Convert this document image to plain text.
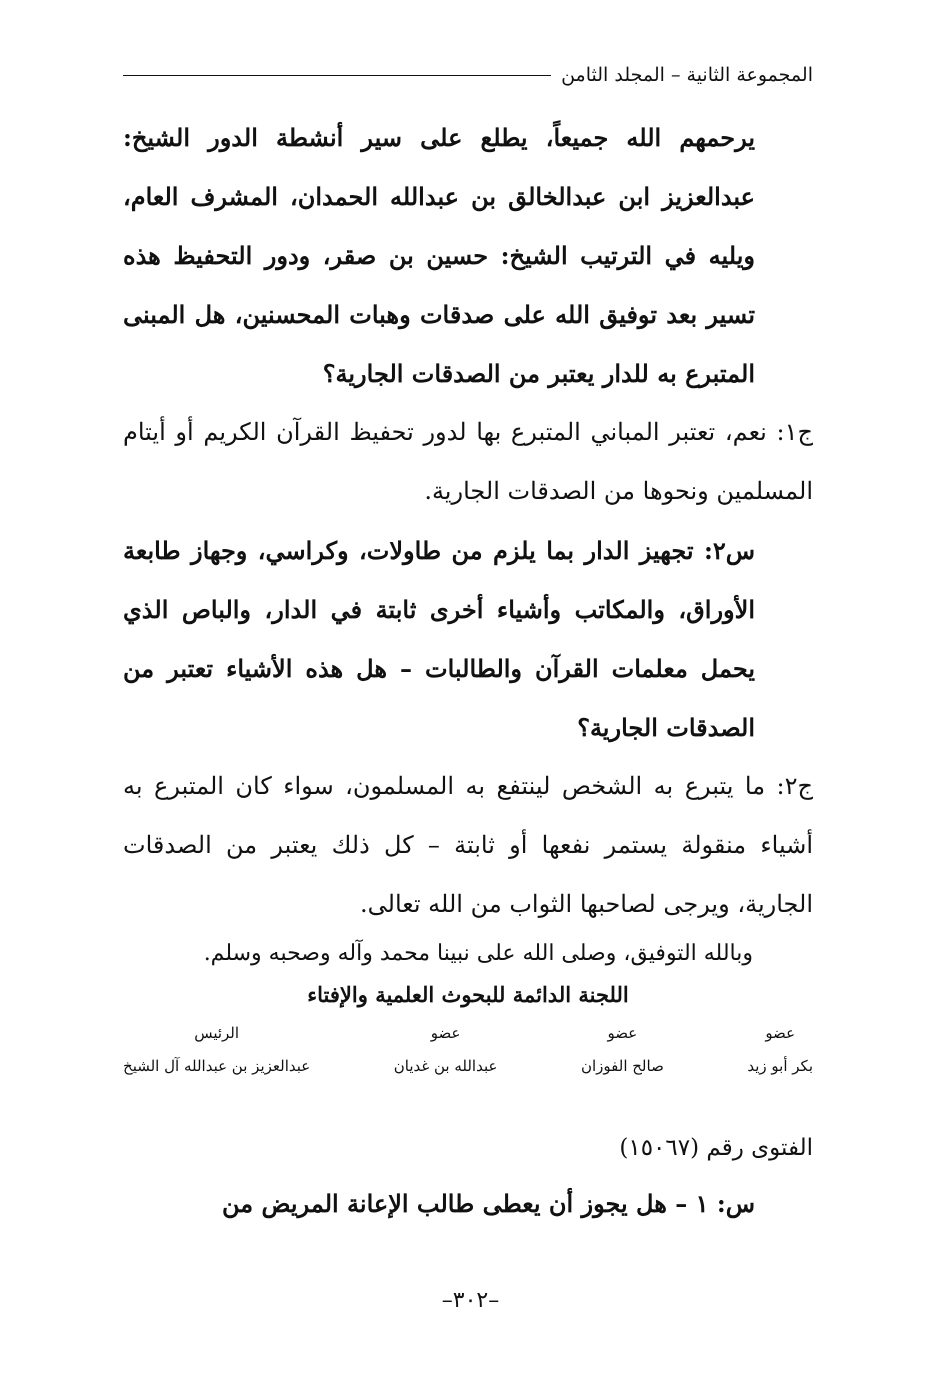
المجموعة الثانية – المجلد الثامن

يرحمهم الله جميعاً، يطلع على سير أنشطة الدور الشيخ: عبدالعزيز ابن عبدالخالق بن عبدالله الحمدان، المشرف العام، ويليه في الترتيب الشيخ: حسين بن صقر، ودور التحفيظ هذه تسير بعد توفيق الله على صدقات وهبات المحسنين، هل المبنى المتبرع به للدار يعتبر من الصدقات الجارية؟

ج١: نعم، تعتبر المباني المتبرع بها لدور تحفيظ القرآن الكريم أو أيتام المسلمين ونحوها من الصدقات الجارية.

س٢: تجهيز الدار بما يلزم من طاولات، وكراسي، وجهاز طابعة الأوراق، والمكاتب وأشياء أخرى ثابتة في الدار، والباص الذي يحمل معلمات القرآن والطالبات – هل هذه الأشياء تعتبر من الصدقات الجارية؟

ج٢: ما يتبرع به الشخص لينتفع به المسلمون، سواء كان المتبرع به أشياء منقولة يستمر نفعها أو ثابتة – كل ذلك يعتبر من الصدقات الجارية، ويرجى لصاحبها الثواب من الله تعالى.

وبالله التوفيق، وصلى الله على نبينا محمد وآله وصحبه وسلم.

اللجنة الدائمة للبحوث العلمية والإفتاء

عضو
بكر أبو زيد
عضو
صالح الفوزان
عضو
عبدالله بن غديان
الرئيس
عبدالعزيز بن عبدالله آل الشيخ

الفتوى رقم (١٥٠٦٧)

س: ١ – هل يجوز أن يعطى طالب الإعانة المريض من

–٣٠٢–
